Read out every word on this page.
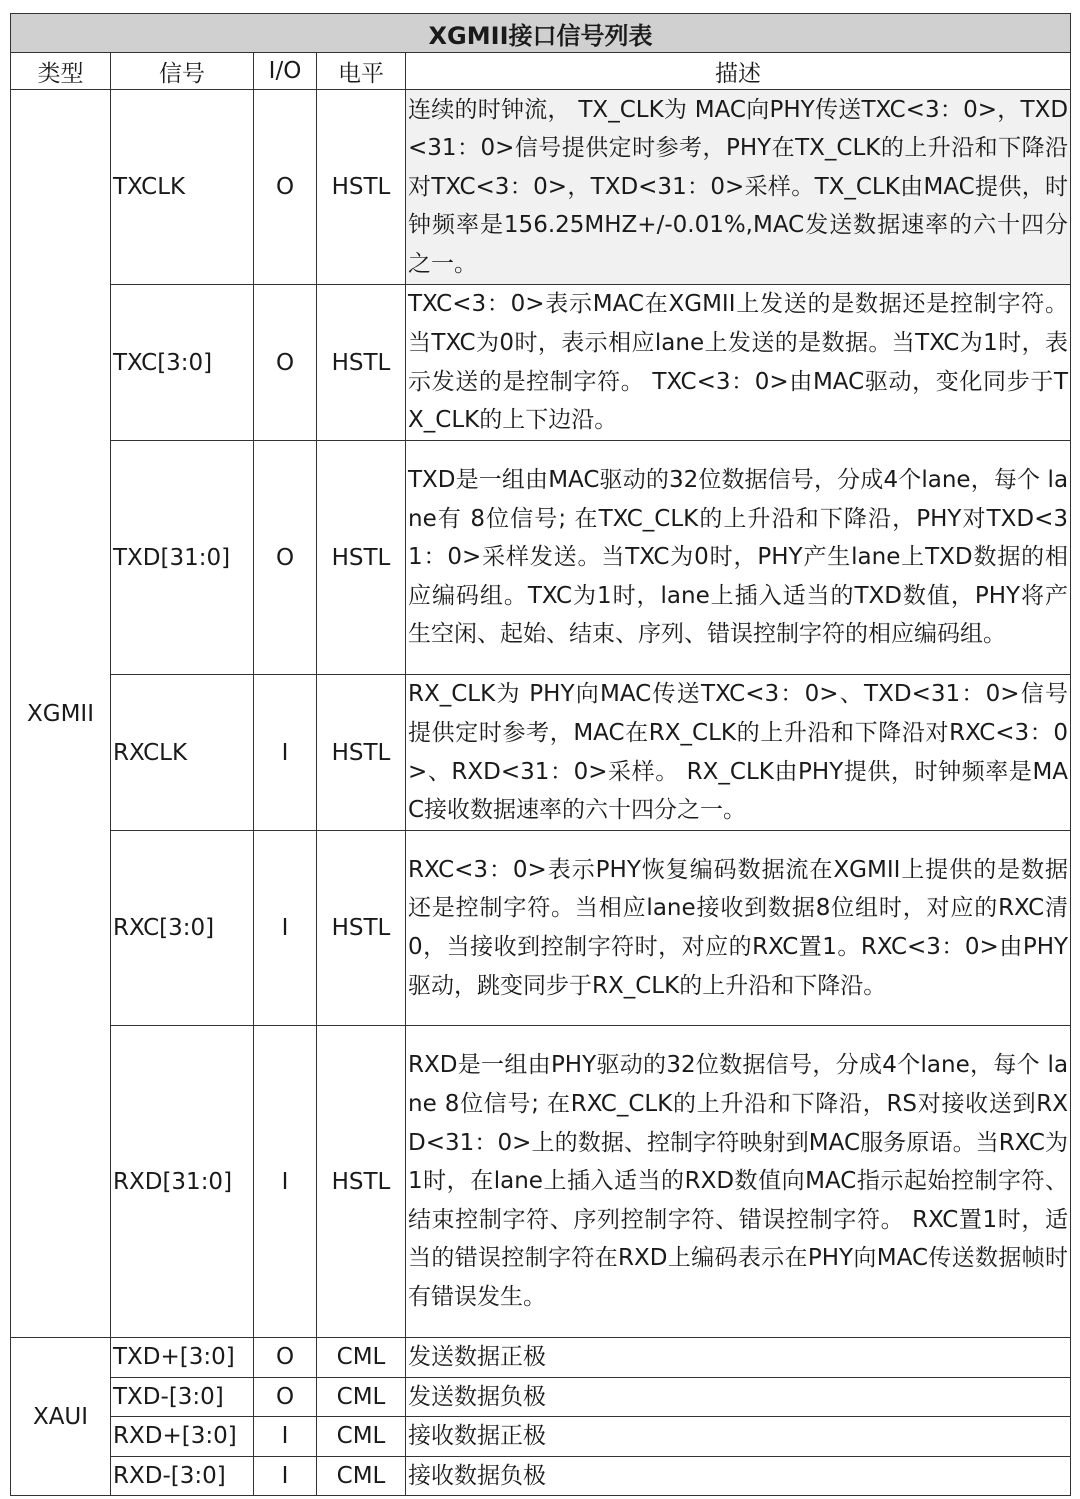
XGMII接口信号列表				
类型	信号	I/O	电平	描述
XGMII	TXCLK	O	HSTL	连续的时钟流， TX_CLK为 MAC向PHY传送TXC<3：0>，TXD<31：0>信号提供定时参考，PHY在TX_CLK的上升沿和下降沿对TXC<3：0>，TXD<31：0>采样。TX_CLK由MAC提供，时钟频率是156.25MHZ+/-0.01%,MAC发送数据速率的六十四分之一。
	TXC[3:0]	O	HSTL	TXC<3：0>表示MAC在XGMII上发送的是数据还是控制字符。当TXC为0时，表示相应lane上发送的是数据。当TXC为1时，表示发送的是控制字符。 TXC<3：0>由MAC驱动，变化同步于TX_CLK的上下边沿。
	TXD[31:0]	O	HSTL	TXD是一组由MAC驱动的32位数据信号，分成4个lane，每个 lane有 8位信号; 在TXC_CLK的上升沿和下降沿，PHY对TXD<31：0>采样发送。当TXC为0时，PHY产生lane上TXD数据的相应编码组。TXC为1时，lane上插入适当的TXD数值，PHY将产生空闲、起始、结束、序列、错误控制字符的相应编码组。
	RXCLK	I	HSTL	RX_CLK为 PHY向MAC传送TXC<3：0>、TXD<31：0>信号提供定时参考，MAC在RX_CLK的上升沿和下降沿对RXC<3：0>、RXD<31：0>采样。 RX_CLK由PHY提供，时钟频率是MAC接收数据速率的六十四分之一。
	RXC[3:0]	I	HSTL	RXC<3：0>表示PHY恢复编码数据流在XGMII上提供的是数据还是控制字符。当相应lane接收到数据8位组时，对应的RXC清0，当接收到控制字符时，对应的RXC置1。RXC<3：0>由PHY驱动，跳变同步于RX_CLK的上升沿和下降沿。
	RXD[31:0]	I	HSTL	RXD是一组由PHY驱动的32位数据信号，分成4个lane，每个 lane 8位信号; 在RXC_CLK的上升沿和下降沿，RS对接收送到RXD<31：0>上的数据、控制字符映射到MAC服务原语。当RXC为1时，在lane上插入适当的RXD数值向MAC指示起始控制字符、结束控制字符、序列控制字符、错误控制字符。 RXC置1时，适当的错误控制字符在RXD上编码表示在PHY向MAC传送数据帧时有错误发生。
XAUI	TXD+[3:0]	O	CML	发送数据正极
	TXD-[3:0]	O	CML	发送数据负极
	RXD+[3:0]	I	CML	接收数据正极
	RXD-[3:0]	I	CML	接收数据负极
